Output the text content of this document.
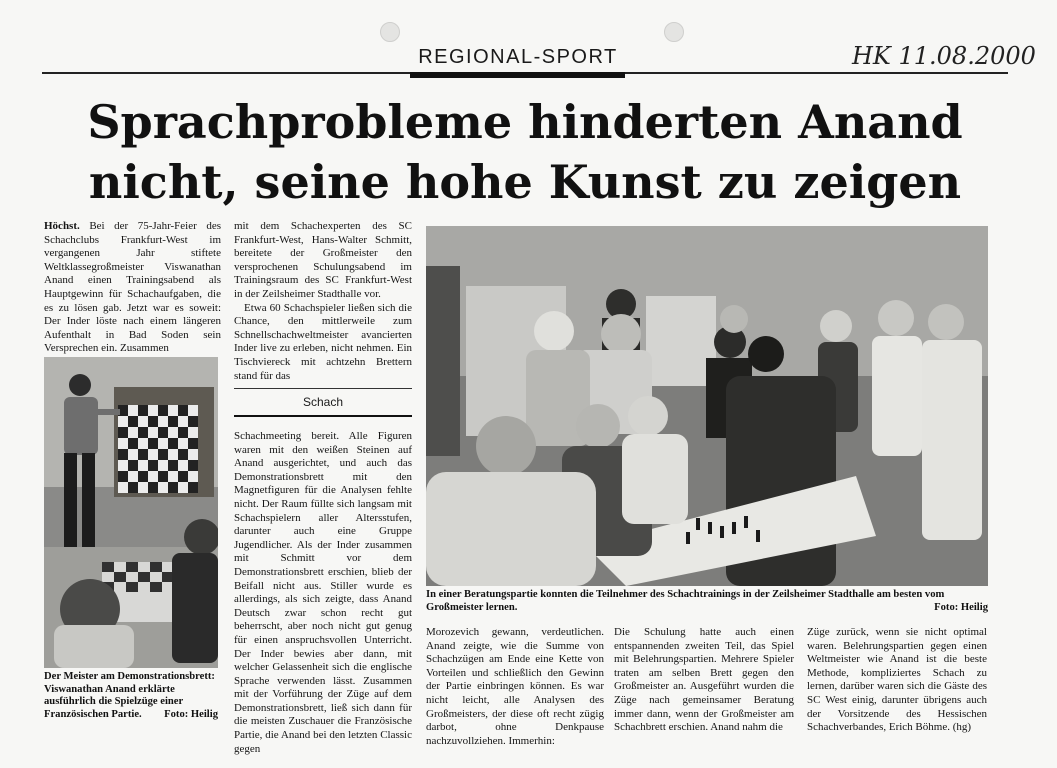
REGIONAL-SPORT	HK 11.08.2000
Sprachprobleme hinderten Anand
nicht, seine hohe Kunst zu zeigen
Höchst. Bei der 75-Jahr-Feier des Schachclubs Frankfurt-West im vergangenen Jahr stiftete Weltklassegroßmeister Viswanathan Anand einen Trainingsabend als Hauptgewinn für Schachaufgaben, die es zu lösen gab. Jetzt war es soweit: Der Inder löste nach einem längeren Aufenthalt in Bad Soden sein Versprechen ein. Zusammen
mit dem Schachexperten des SC Frankfurt-West, Hans-Walter Schmitt, bereitete der Großmeister den versprochenen Schulungsabend im Trainingsraum des SC Frankfurt-West in der Zeilsheimer Stadthalle vor.
Etwa 60 Schachspieler ließen sich die Chance, den mittlerweile zum Schnellschachweltmeister avancierten Inder live zu erleben, nicht nehmen. Ein Tischviereck mit achtzehn Brettern stand für das
Schach
Schachmeeting bereit. Alle Figuren waren mit den weißen Steinen auf Anand ausgerichtet, und auch das Demonstrationsbrett mit den Magnetfiguren für die Analysen fehlte nicht. Der Raum füllte sich langsam mit Schachspielern aller Altersstufen, darunter auch eine Gruppe Jugendlicher. Als der Inder zusammen mit Schmitt vor dem Demonstrationsbrett erschien, blieb der Beifall nicht aus. Stiller wurde es allerdings, als sich zeigte, dass Anand Deutsch zwar schon recht gut beherrscht, aber noch nicht gut genug für einen anspruchsvollen Unterricht. Der Inder bewies aber dann, mit welcher Gelassenheit sich die englische Sprache verwenden lässt. Zusammen mit der Vorführung der Züge auf dem Demonstrationsbrett, ließ sich dann für die meisten Zuschauer die Französische Partie, die Anand bei den letzten Classic gegen
Der Meister am Demonstrationsbrett: Viswanathan Anand erklärte ausführlich die Spielzüge einer Französischen Partie. Foto: Heilig
In einer Beratungspartie konnten die Teilnehmer des Schachtrainings in der Zeilsheimer Stadthalle am besten vom Großmeister lernen.	Foto: Heilig
Morozevich gewann, verdeutlichen. Anand zeigte, wie die Summe von Schachzügen am Ende eine Kette von Vorteilen und schließlich den Gewinn der Partie einbringen können. Es war nicht leicht, alle Analysen des Großmeisters, der diese oft recht zügig darbot, ohne Denkpause nachzuvollziehen. Immerhin:
Die Schulung hatte auch einen entspannenden zweiten Teil, das Spiel mit Belehrungspartien. Mehrere Spieler traten am selben Brett gegen den Großmeister an. Ausgeführt wurden die Züge nach gemeinsamer Beratung immer dann, wenn der Großmeister am Schachbrett erschien. Anand nahm die
Züge zurück, wenn sie nicht optimal waren. Belehrungspartien gegen einen Weltmeister wie Anand ist die beste Methode, kompliziertes Schach zu lernen, darüber waren sich die Gäste des SC West einig, darunter übrigens auch der Vorsitzende des Hessischen Schachverbandes, Erich Böhme. (hg)
